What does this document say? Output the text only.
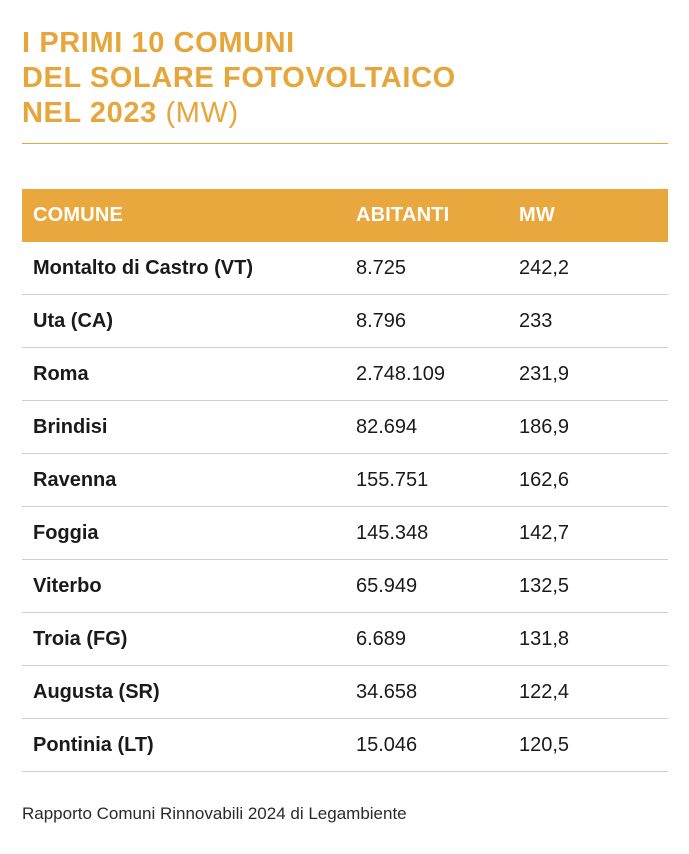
I PRIMI 10 COMUNI
DEL SOLARE FOTOVOLTAICO
NEL 2023 (MW)
COMUNE	ABITANTI	MW
Montalto di Castro (VT)	8.725	242,2
Uta (CA)	8.796	233
Roma	2.748.109	231,9
Brindisi	82.694	186,9
Ravenna	155.751	162,6
Foggia	145.348	142,7
Viterbo	65.949	132,5
Troia (FG)	6.689	131,8
Augusta (SR)	34.658	122,4
Pontinia (LT)	15.046	120,5
Rapporto Comuni Rinnovabili 2024 di Legambiente
